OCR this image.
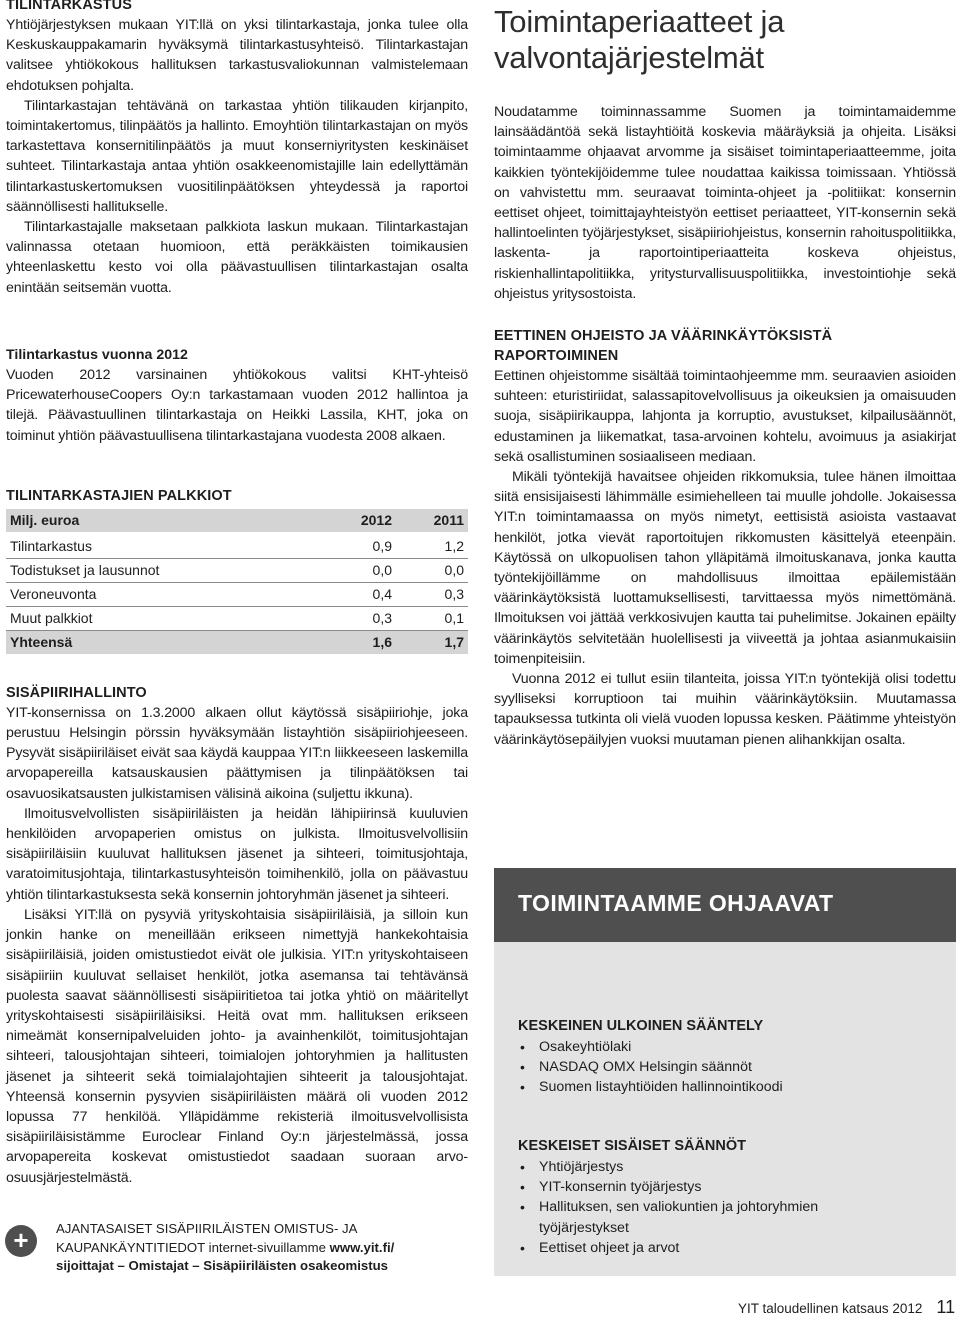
TILINTARKASTUS

Yhtiöjärjestyksen mukaan YIT:llä on yksi tilintarkastaja, jonka tulee olla Keskuskauppakamarin hyväksymä tilintarkastusyhteisö. Tilintarkastajan valitsee yhtiökokous hallituksen tarkastusvaliokunnan valmistelemaan ehdotuksen pohjalta.

Tilintarkastajan tehtävänä on tarkastaa yhtiön tilikauden kirjanpito, toimintakertomus, tilinpäätös ja hallinto. Emoyhtiön tilintarkastajan on myös tarkastettava konsernitilinpäätös ja muut konserniyritysten keskinäiset suhteet. Tilintarkastaja antaa yhtiön osakkeenomistajille lain edellyttämän tilintarkastuskertomuksen vuositilinpäätöksen yhteydessä ja raportoi säännöllisesti hallitukselle.

Tilintarkastajalle maksetaan palkkiota laskun mukaan. Tilintarkastajan valinnassa otetaan huomioon, että peräkkäisten toimikausien yhteenlaskettu kesto voi olla päävastuullisen tilintarkastajan osalta enintään seitsemän vuotta.

Tilintarkastus vuonna 2012

Vuoden 2012 varsinainen yhtiökokous valitsi KHT-yhteisö PricewaterhouseCoopers Oy:n tarkastamaan vuoden 2012 hallintoa ja tilejä. Päävastuullinen tilintarkastaja on Heikki Lassila, KHT, joka on toiminut yhtiön päävastuullisena tilintarkastajana vuodesta 2008 alkaen.

TILINTARKASTAJIEN PALKKIOT
Milj. euroa	2012	2011

Tilintarkastus	0,9	1,2
Todistukset ja lausunnot	0,0	0,0
Veroneuvonta	0,4	0,3
Muut palkkiot	0,3	0,1
Yhteensä	1,6	1,7
SISÄPIIRIHALLINTO

YIT-konsernissa on 1.3.2000 alkaen ollut käytössä sisäpiiriohje, joka perustuu Helsingin pörssin hyväksymään listayhtiön sisäpiiriohjeeseen. Pysyvät sisäpiiriläiset eivät saa käydä kauppaa YIT:n liikkeeseen laskemilla arvopapereilla katsauskausien päättymisen ja tilinpäätöksen tai osavuosikatsausten julkistamisen välisinä aikoina (suljettu ikkuna).

Ilmoitusvelvollisten sisäpiiriläisten ja heidän lähipiirinsä kuuluvien henkilöiden arvopaperien omistus on julkista. Ilmoitusvelvollisiin sisäpiiriläisiin kuuluvat hallituksen jäsenet ja sihteeri, toimitusjohtaja, varatoimitusjohtaja, tilintarkastusyhteisön toimihenkilö, jolla on päävastuu yhtiön tilintarkastuksesta sekä konsernin johtoryhmän jäsenet ja sihteeri.

Lisäksi YIT:llä on pysyviä yrityskohtaisia sisäpiiriläisiä, ja silloin kun jonkin hanke on meneillään erikseen nimettyjä hankekohtaisia sisäpiiriläisiä, joiden omistustiedot eivät ole julkisia. YIT:n yrityskohtaiseen sisäpiiriin kuuluvat sellaiset henkilöt, jotka asemansa tai tehtävänsä puolesta saavat säännöllisesti sisäpiiritietoa tai jotka yhtiö on määritellyt yrityskohtaisesti sisäpiiriläisiksi. Heitä ovat mm. hallituksen erikseen nimeämät konsernipalveluiden johto- ja avainhenkilöt, toimitusjohtajan sihteeri, talousjohtajan sihteeri, toimialojen johtoryhmien ja hallitusten jäsenet ja sihteerit sekä toimialajohtajien sihteerit ja talousjohtajat. Yhteensä konsernin pysyvien sisäpiiriläisten määrä oli vuoden 2012 lopussa 77 henkilöä. Ylläpidämme rekisteriä ilmoitusvelvollisista sisäpiiriläisistämme Euroclear Finland Oy:n järjestelmässä, jossa arvopapereita koskevat omistustiedot saadaan suoraan arvo-osuusjärjestelmästä.

+	AJANTASAISET SISÄPIIRILÄISTEN OMISTUS- JA
KAUPANKÄYNTITIEDOT internet-sivuillamme www.yit.fi/
sijoittajat – Omistajat – Sisäpiiriläisten osakeomistus
Toimintaperiaatteet ja valvontajärjestelmät

Noudatamme toiminnassamme Suomen ja toimintamaidemme lainsäädäntöä sekä listayhtiöitä koskevia määräyksiä ja ohjeita. Lisäksi toimintaamme ohjaavat arvomme ja sisäiset toimintaperiaatteemme, joita kaikkien työntekijöidemme tulee noudattaa kaikissa toimissaan. Yhtiössä on vahvistettu mm. seuraavat toiminta-ohjeet ja -politiikat: konsernin eettiset ohjeet, toimittajayhteistyön eettiset periaatteet, YIT-konsernin sekä hallintoelinten työjärjestykset, sisäpiiriohjeistus, konsernin rahoituspolitiikka, laskenta- ja raportointiperiaatteita koskeva ohjeistus, riskienhallintapolitiikka, yritysturvallisuuspolitiikka, investointiohje sekä ohjeistus yritysostoista.

EETTINEN OHJEISTO JA VÄÄRINKÄYTÖKSISTÄ RAPORTOIMINEN

Eettinen ohjeistomme sisältää toimintaohjeemme mm. seuraavien asioiden suhteen: eturistiriidat, salassapitovelvollisuus ja oikeuksien ja omaisuuden suoja, sisäpiirikauppa, lahjonta ja korruptio, avustukset, kilpailusäännöt, edustaminen ja liikematkat, tasa-arvoinen kohtelu, avoimuus ja asiakirjat sekä osallistuminen sosiaaliseen mediaan.

Mikäli työntekijä havaitsee ohjeiden rikkomuksia, tulee hänen ilmoittaa siitä ensisijaisesti lähimmälle esimiehelleen tai muulle johdolle. Jokaisessa YIT:n toimintamaassa on myös nimetyt, eettisistä asioista vastaavat henkilöt, jotka vievät raportoitujen rikkomusten käsittelyä eteenpäin. Käytössä on ulkopuolisen tahon ylläpitämä ilmoituskanava, jonka kautta työntekijöillämme on mahdollisuus ilmoittaa epäilemistään väärinkäytöksistä luottamuksellisesti, tarvittaessa myös nimettömänä. Ilmoituksen voi jättää verkkosivujen kautta tai puhelimitse. Jokainen epäilty väärinkäytös selvitetään huolellisesti ja viiveettä ja johtaa asianmukaisiin toimenpiteisiin.

Vuonna 2012 ei tullut esiin tilanteita, joissa YIT:n työntekijä olisi todettu syylliseksi korruptioon tai muihin väärinkäytöksiin. Muutamassa tapauksessa tutkinta oli vielä vuoden lopussa kesken. Päätimme yhteistyön väärinkäytösepäilyjen vuoksi muutaman pienen alihankkijan osalta.

TOIMINTAAMME OHJAAVAT
KESKEINEN ULKOINEN SÄÄNTELY
• Osakeyhtiölaki
• NASDAQ OMX Helsingin säännöt
• Suomen listayhtiöiden hallinnointikoodi
KESKEISET SISÄISET SÄÄNNÖT
• Yhtiöjärjestys
• YIT-konsernin työjärjestys
• Hallituksen, sen valiokuntien ja johtoryhmien työjärjestykset
• Eettiset ohjeet ja arvot
YIT taloudellinen katsaus 2012 11
